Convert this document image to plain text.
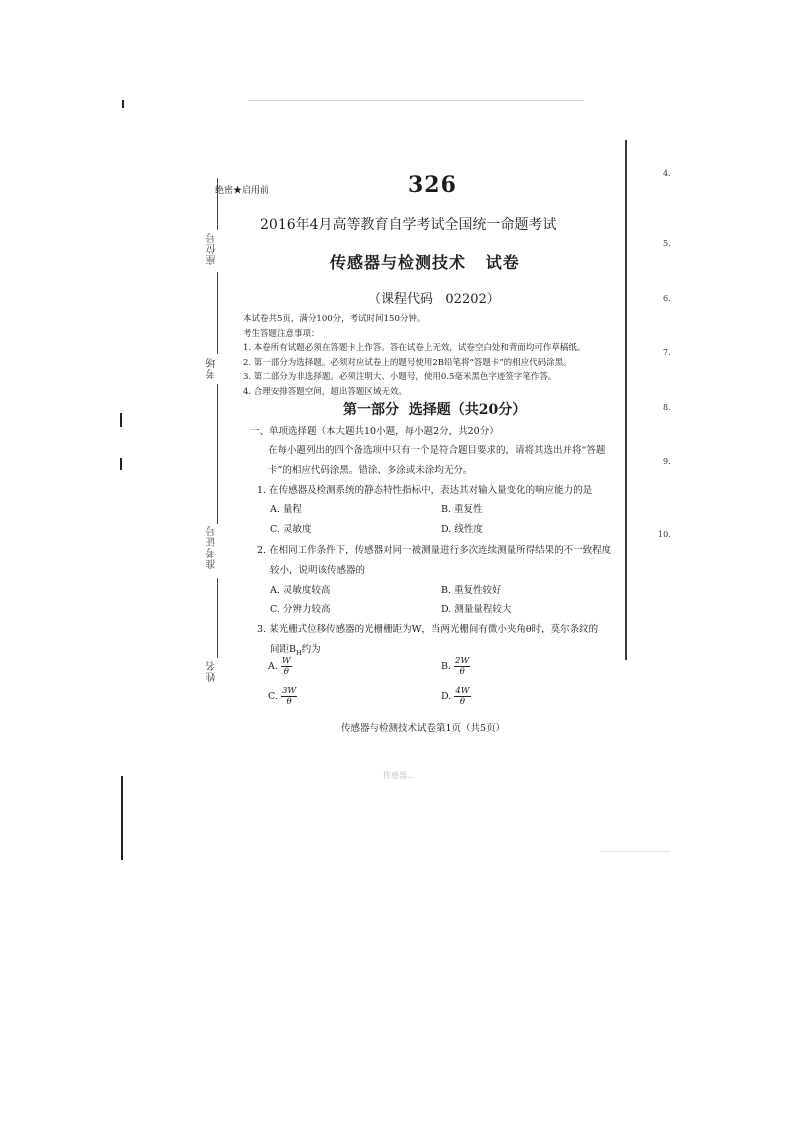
座位号
考场
准考证号
姓名
绝密★启用前	326
2016年4月高等教育自学考试全国统一命题考试
传感器与检测技术   试卷
（课程代码   02202）
本试卷共5页，满分100分，考试时间150分钟。
考生答题注意事项：
1. 本卷所有试题必须在答题卡上作答。答在试卷上无效，试卷空白处和背面均可作草稿纸。
2. 第一部分为选择题。必须对应试卷上的题号使用2B铅笔将“答题卡”的相应代码涂黑。
3. 第二部分为非选择题。必须注明大、小题号，使用0.5毫米黑色字迹签字笔作答。
4. 合理安排答题空间，超出答题区域无效。
第一部分  选择题（共20分）
一、单项选择题（本大题共10小题，每小题2分，共20分）
在每小题列出的四个备选项中只有一个是符合题目要求的，请将其选出并将“答题卡”的相应代码涂黑。错涂、多涂或未涂均无分。
1. 在传感器及检测系统的静态特性指标中，表达其对输入量变化的响应能力的是
A. 量程	B. 重复性
C. 灵敏度	D. 线性度
2. 在相同工作条件下，传感器对同一被测量进行多次连续测量所得结果的不一致程度
较小，说明该传感器的
A. 灵敏度较高	B. 重复性较好
C. 分辨力较高	D. 测量量程较大
3. 某光栅式位移传感器的光栅栅距为W，当两光栅间有微小夹角θ时，莫尔条纹的
间距$B_H$约为
A. $\frac{W}{\theta}$	B. $\frac{2W}{\theta}$
C. $\frac{3W}{\theta}$	D. $\frac{4W}{\theta}$
传感器与检测技术试卷第1页（共5页）
传感器...
4.
5.
6.
7.
8.
9.
10.
